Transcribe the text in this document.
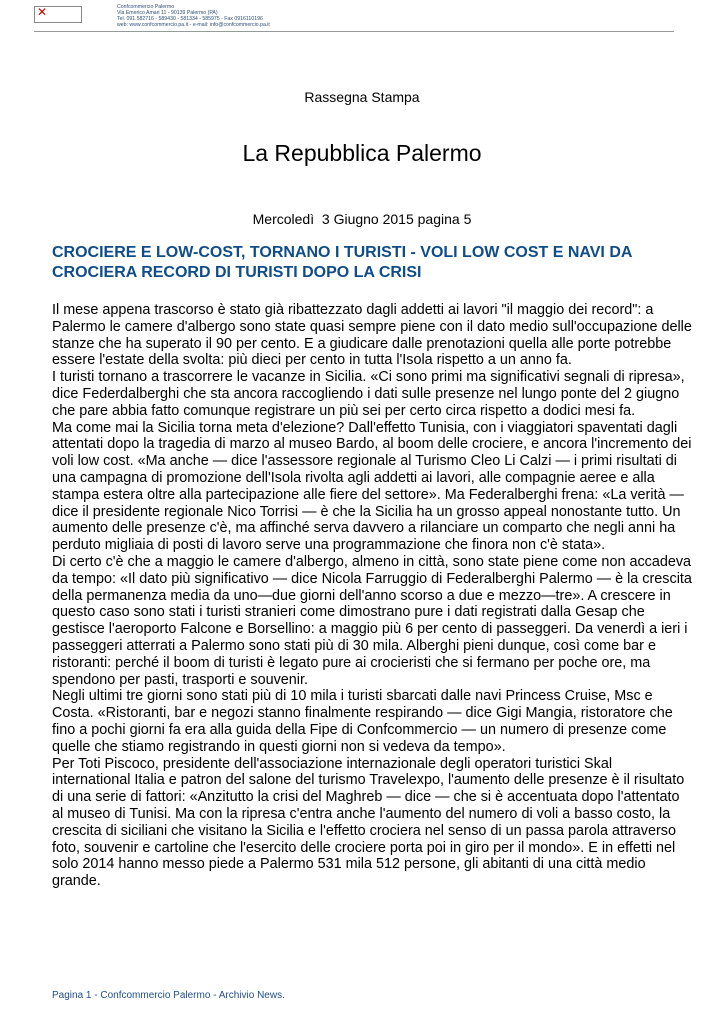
✕	Confcommercio Palermo
Via Emerico Amari 11 - 90139 Palermo (PA)
Tel. 091.582716 - 589430 - 581334 - 585975 - Fax 0916110196
web: www.confcommercio.pa.it - e-mail: info@confcommercio.pa.it
Rassegna Stampa
La Repubblica Palermo
Mercoledì  3 Giugno 2015 pagina 5
CROCIERE E LOW-COST, TORNANO I TURISTI - VOLI LOW COST E NAVI DA CROCIERA RECORD DI TURISTI DOPO LA CRISI

Il mese appena trascorso è stato già ribattezzato dagli addetti ai lavori "il maggio dei record": a Palermo le camere d'albergo sono state quasi sempre piene con il dato medio sull'occupazione delle stanze che ha superato il 90 per cento. E a giudicare dalle prenotazioni quella alle porte potrebbe essere l'estate della svolta: più dieci per cento in tutta l'Isola rispetto a un anno fa.

I turisti tornano a trascorrere le vacanze in Sicilia. «Ci sono primi ma significativi segnali di ripresa», dice Federdalberghi che sta ancora raccogliendo i dati sulle presenze nel lungo ponte del 2 giugno che pare abbia fatto comunque registrare un più sei per certo circa rispetto a dodici mesi fa.

Ma come mai la Sicilia torna meta d'elezione? Dall'effetto Tunisia, con i viaggiatori spaventati dagli attentati dopo la tragedia di marzo al museo Bardo, al boom delle crociere, e ancora l'incremento dei voli low cost. «Ma anche — dice l'assessore regionale al Turismo Cleo Li Calzi — i primi risultati di una campagna di promozione dell'Isola rivolta agli addetti ai lavori, alle compagnie aeree e alla stampa estera oltre alla partecipazione alle fiere del settore». Ma Federalberghi frena: «La verità — dice il presidente regionale Nico Torrisi — è che la Sicilia ha un grosso appeal nonostante tutto. Un aumento delle presenze c'è, ma affinché serva davvero a rilanciare un comparto che negli anni ha perduto migliaia di posti di lavoro serve una programmazione che finora non c'è stata».

Di certo c'è che a maggio le camere d'albergo, almeno in città, sono state piene come non accadeva da tempo: «Il dato più significativo — dice Nicola Farruggio di Federalberghi Palermo — è la crescita della permanenza media da uno—due giorni dell'anno scorso a due e mezzo—tre». A crescere in questo caso sono stati i turisti stranieri come dimostrano pure i dati registrati dalla Gesap che gestisce l'aeroporto Falcone e Borsellino: a maggio più 6 per cento di passeggeri. Da venerdì a ieri i passeggeri atterrati a Palermo sono stati più di 30 mila. Alberghi pieni dunque, così come bar e ristoranti: perché il boom di turisti è legato pure ai crocieristi che si fermano per poche ore, ma spendono per pasti, trasporti e souvenir.

Negli ultimi tre giorni sono stati più di 10 mila i turisti sbarcati dalle navi Princess Cruise, Msc e Costa. «Ristoranti, bar e negozi stanno finalmente respirando — dice Gigi Mangia, ristoratore che fino a pochi giorni fa era alla guida della Fipe di Confcommercio — un numero di presenze come quelle che stiamo registrando in questi giorni non si vedeva da tempo».

Per Toti Piscoco, presidente dell'associazione internazionale degli operatori turistici Skal international Italia e patron del salone del turismo Travelexpo, l'aumento delle presenze è il risultato di una serie di fattori: «Anzitutto la crisi del Maghreb — dice — che si è accentuata dopo l'attentato al museo di Tunisi. Ma con la ripresa c'entra anche l'aumento del numero di voli a basso costo, la crescita di siciliani che visitano la Sicilia e l'effetto crociera nel senso di un passa parola attraverso foto, souvenir e cartoline che l'esercito delle crociere porta poi in giro per il mondo». E in effetti nel solo 2014 hanno messo piede a Palermo 531 mila 512 persone, gli abitanti di una città medio grande.

Pagina 1 - Confcommercio Palermo - Archivio News.
